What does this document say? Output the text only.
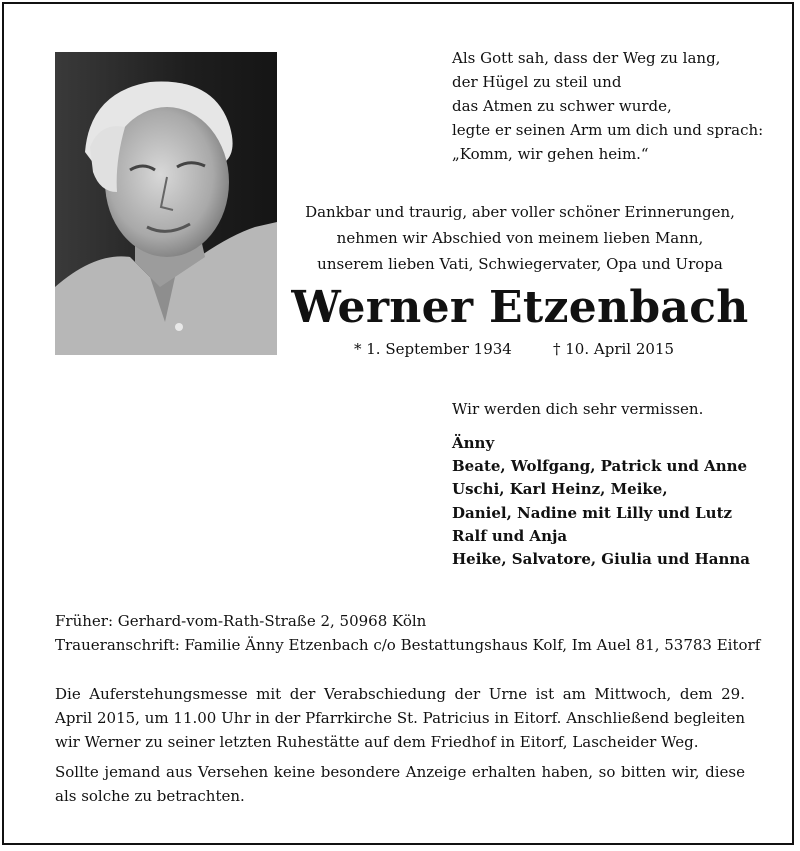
Als Gott sah, dass der Weg zu lang,
der Hügel zu steil und
das Atmen zu schwer wurde,
legte er seinen Arm um dich und sprach:
„Komm, wir gehen heim.“
Dankbar und traurig, aber voller schöner Erinnerungen,
nehmen wir Abschied von meinem lieben Mann,
unserem lieben Vati, Schwiegervater, Opa und Uropa
Werner Etzenbach
* 1. September 1934	† 10. April 2015
Wir werden dich sehr vermissen.
Änny
Beate, Wolfgang, Patrick und Anne
Uschi, Karl Heinz, Meike,
Daniel, Nadine mit Lilly und Lutz
Ralf und Anja
Heike, Salvatore, Giulia und Hanna
Früher: Gerhard-vom-Rath-Straße 2, 50968 Köln
Traueranschrift: Familie Änny Etzenbach c/o Bestattungshaus Kolf, Im Auel 81, 53783 Eitorf
Die Auferstehungsmesse mit der Verabschiedung der Urne ist am Mittwoch, dem 29. April 2015, um 11.00 Uhr in der Pfarrkirche St. Patricius in Eitorf. Anschließend begleiten wir Werner zu seiner letzten Ruhestätte auf dem Friedhof in Eitorf, Lascheider Weg.
Sollte jemand aus Versehen keine besondere Anzeige erhalten haben, so bitten wir, diese als solche zu betrachten.
